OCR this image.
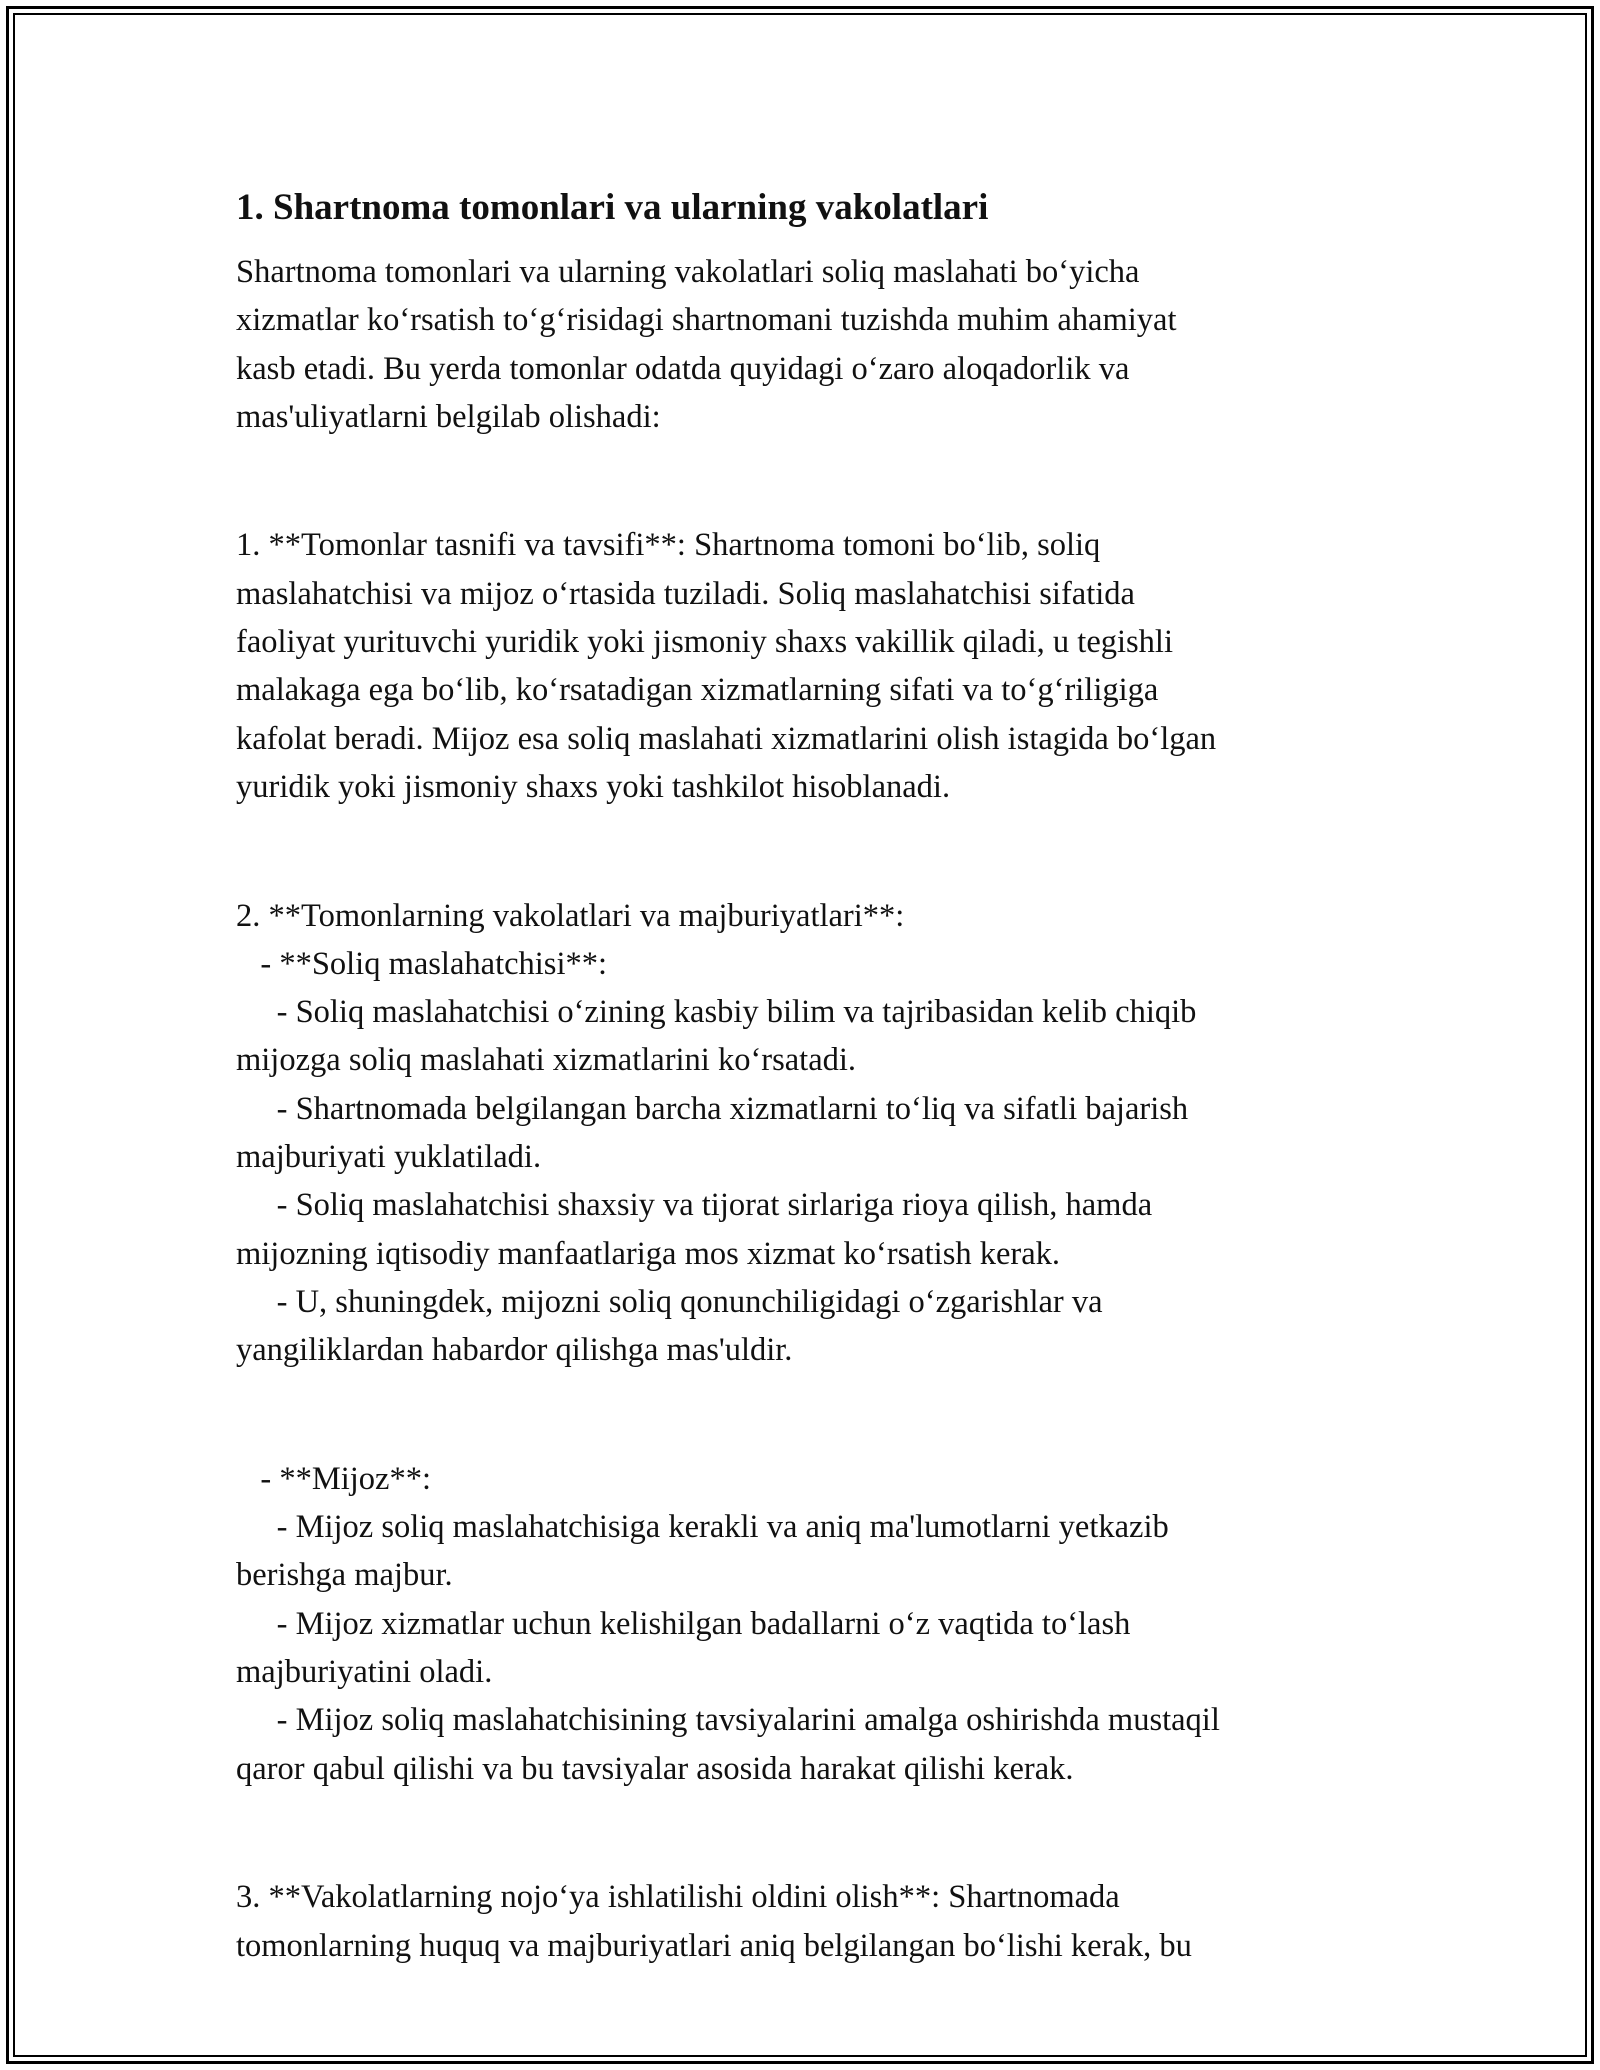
1. Shartnoma tomonlari va ularning vakolatlari

Shartnoma tomonlari va ularning vakolatlari soliq maslahati bo‘yicha

xizmatlar ko‘rsatish to‘g‘risidagi shartnomani tuzishda muhim ahamiyat

kasb etadi. Bu yerda tomonlar odatda quyidagi o‘zaro aloqadorlik va

mas'uliyatlarni belgilab olishadi:

1. **Tomonlar tasnifi va tavsifi**: Shartnoma tomoni bo‘lib, soliq

maslahatchisi va mijoz o‘rtasida tuziladi. Soliq maslahatchisi sifatida

faoliyat yurituvchi yuridik yoki jismoniy shaxs vakillik qiladi, u tegishli

malakaga ega bo‘lib, ko‘rsatadigan xizmatlarning sifati va to‘g‘riligiga

kafolat beradi. Mijoz esa soliq maslahati xizmatlarini olish istagida bo‘lgan

yuridik yoki jismoniy shaxs yoki tashkilot hisoblanadi.

2. **Tomonlarning vakolatlari va majburiyatlari**:

- **Soliq maslahatchisi**:

- Soliq maslahatchisi o‘zining kasbiy bilim va tajribasidan kelib chiqib

mijozga soliq maslahati xizmatlarini ko‘rsatadi.

- Shartnomada belgilangan barcha xizmatlarni to‘liq va sifatli bajarish

majburiyati yuklatiladi.

- Soliq maslahatchisi shaxsiy va tijorat sirlariga rioya qilish, hamda

mijozning iqtisodiy manfaatlariga mos xizmat ko‘rsatish kerak.

- U, shuningdek, mijozni soliq qonunchiligidagi o‘zgarishlar va

yangiliklardan habardor qilishga mas'uldir.

- **Mijoz**:

- Mijoz soliq maslahatchisiga kerakli va aniq ma'lumotlarni yetkazib

berishga majbur.

- Mijoz xizmatlar uchun kelishilgan badallarni o‘z vaqtida to‘lash

majburiyatini oladi.

- Mijoz soliq maslahatchisining tavsiyalarini amalga oshirishda mustaqil

qaror qabul qilishi va bu tavsiyalar asosida harakat qilishi kerak.

3. **Vakolatlarning nojo‘ya ishlatilishi oldini olish**: Shartnomada

tomonlarning huquq va majburiyatlari aniq belgilangan bo‘lishi kerak, bu
